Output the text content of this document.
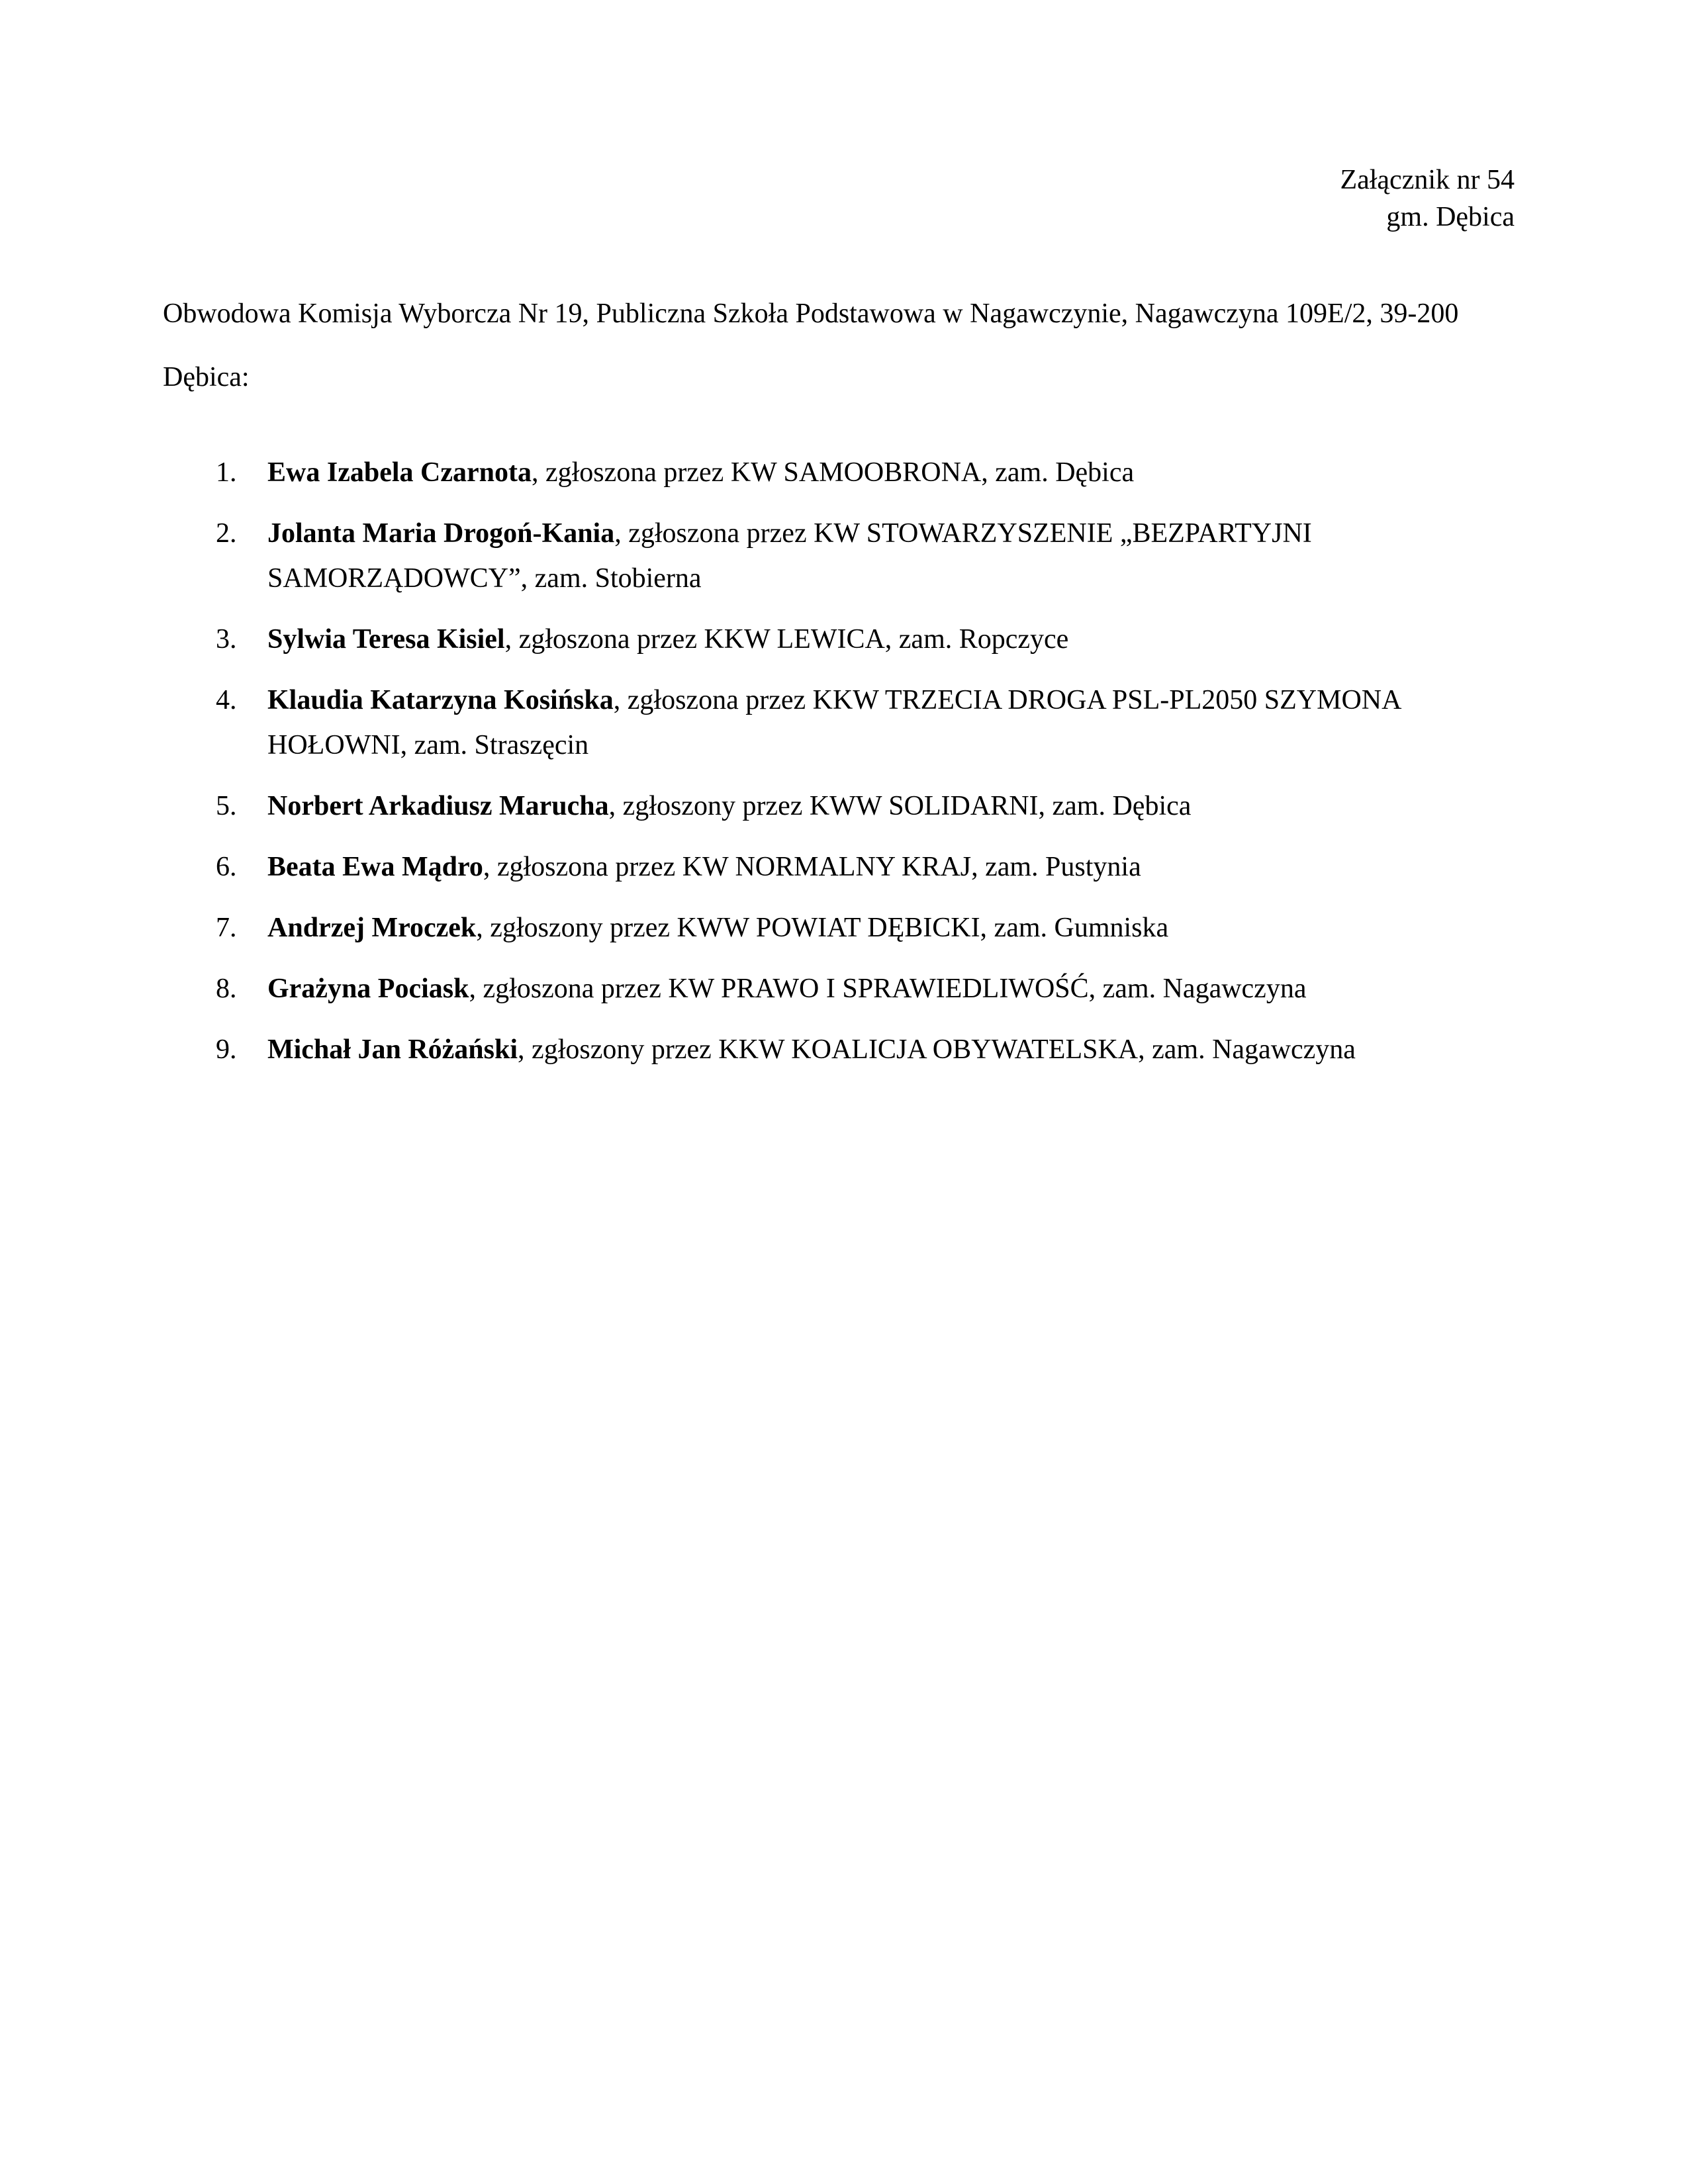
Załącznik nr 54
gm. Dębica
Obwodowa Komisja Wyborcza Nr 19, Publiczna Szkoła Podstawowa w Nagawczynie, Nagawczyna 109E/2, 39-200 Dębica:
1. Ewa Izabela Czarnota, zgłoszona przez KW SAMOOBRONA, zam. Dębica
2. Jolanta Maria Drogoń-Kania, zgłoszona przez KW STOWARZYSZENIE „BEZPARTYJNI SAMORZĄDOWCY”, zam. Stobierna
3. Sylwia Teresa Kisiel, zgłoszona przez KKW LEWICA, zam. Ropczyce
4. Klaudia Katarzyna Kosińska, zgłoszona przez KKW TRZECIA DROGA PSL-PL2050 SZYMONA HOŁOWNI, zam. Straszęcin
5. Norbert Arkadiusz Marucha, zgłoszony przez KWW SOLIDARNI, zam. Dębica
6. Beata Ewa Mądro, zgłoszona przez KW NORMALNY KRAJ, zam. Pustynia
7. Andrzej Mroczek, zgłoszony przez KWW POWIAT DĘBICKI, zam. Gumniska
8. Grażyna Pociask, zgłoszona przez KW PRAWO I SPRAWIEDLIWOŚĆ, zam. Nagawczyna
9. Michał Jan Różański, zgłoszony przez KKW KOALICJA OBYWATELSKA, zam. Nagawczyna
